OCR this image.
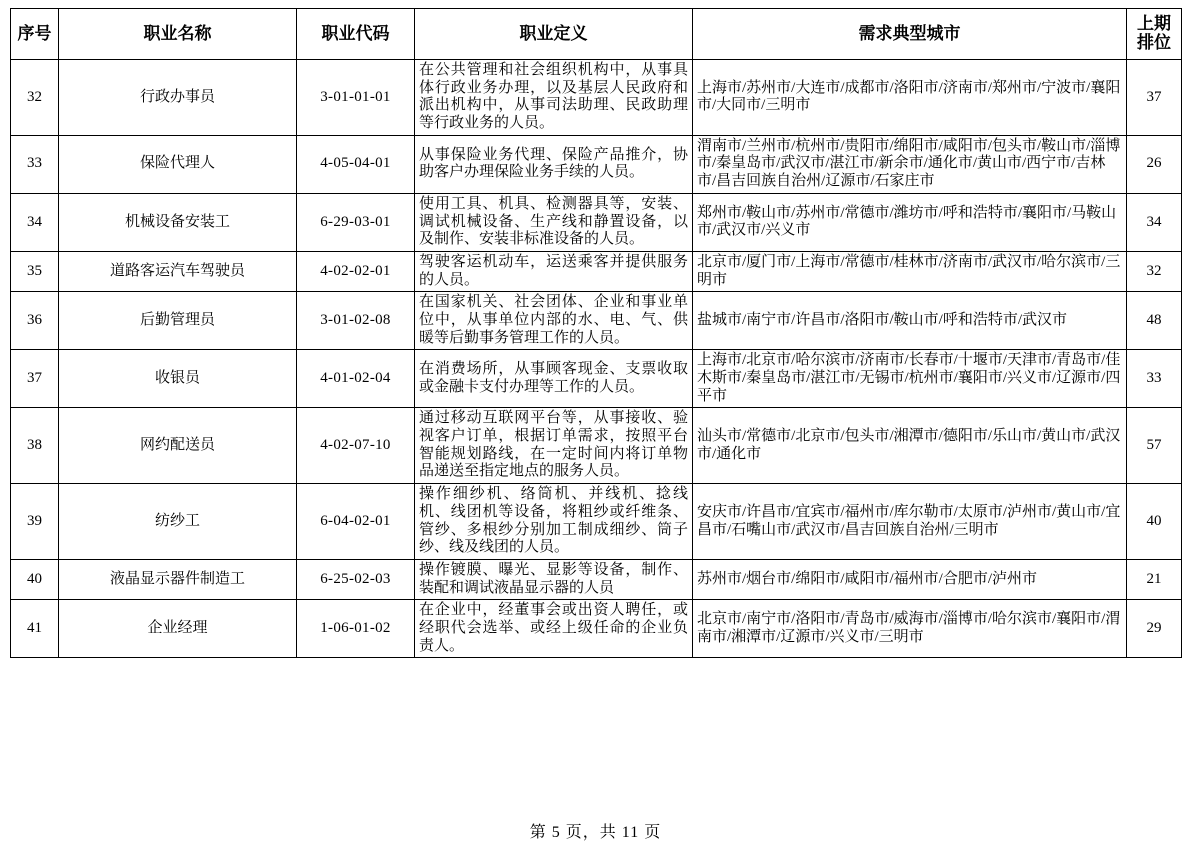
序号	职业名称	职业代码	职业定义	需求典型城市	上期
排位

32	行政办事员	3-01-01-01	在公共管理和社会组织机构中，从事具体行政业务办理，以及基层人民政府和派出机构中，从事司法助理、民政助理等行政业务的人员。	上海市/苏州市/大连市/成都市/洛阳市/济南市/郑州市/宁波市/襄阳市/大同市/三明市	37
33	保险代理人	4-05-04-01	从事保险业务代理、保险产品推介，协助客户办理保险业务手续的人员。	渭南市/兰州市/杭州市/贵阳市/绵阳市/咸阳市/包头市/鞍山市/淄博市/秦皇岛市/武汉市/湛江市/新余市/通化市/黄山市/西宁市/吉林市/昌吉回族自治州/辽源市/石家庄市	26
34	机械设备安装工	6-29-03-01	使用工具、机具、检测器具等，安装、调试机械设备、生产线和静置设备，以及制作、安装非标准设备的人员。	郑州市/鞍山市/苏州市/常德市/潍坊市/呼和浩特市/襄阳市/马鞍山市/武汉市/兴义市	34
35	道路客运汽车驾驶员	4-02-02-01	驾驶客运机动车，运送乘客并提供服务的人员。	北京市/厦门市/上海市/常德市/桂林市/济南市/武汉市/哈尔滨市/三明市	32
36	后勤管理员	3-01-02-08	在国家机关、社会团体、企业和事业单位中，从事单位内部的水、电、气、供暖等后勤事务管理工作的人员。	盐城市/南宁市/许昌市/洛阳市/鞍山市/呼和浩特市/武汉市	48
37	收银员	4-01-02-04	在消费场所，从事顾客现金、支票收取或金融卡支付办理等工作的人员。	上海市/北京市/哈尔滨市/济南市/长春市/十堰市/天津市/青岛市/佳木斯市/秦皇岛市/湛江市/无锡市/杭州市/襄阳市/兴义市/辽源市/四平市	33
38	网约配送员	4-02-07-10	通过移动互联网平台等，从事接收、验视客户订单，根据订单需求，按照平台智能规划路线，在一定时间内将订单物品递送至指定地点的服务人员。	汕头市/常德市/北京市/包头市/湘潭市/德阳市/乐山市/黄山市/武汉市/通化市	57
39	纺纱工	6-04-02-01	操作细纱机、络筒机、并线机、捻线机、线团机等设备，将粗纱或纤维条、管纱、多根纱分别加工制成细纱、筒子纱、线及线团的人员。	安庆市/许昌市/宜宾市/福州市/库尔勒市/太原市/泸州市/黄山市/宜昌市/石嘴山市/武汉市/昌吉回族自治州/三明市	40
40	液晶显示器件制造工	6-25-02-03	操作镀膜、曝光、显影等设备，制作、装配和调试液晶显示器的人员	苏州市/烟台市/绵阳市/咸阳市/福州市/合肥市/泸州市	21
41	企业经理	1-06-01-02	在企业中，经董事会或出资人聘任，或经职代会选举、或经上级任命的企业负责人。	北京市/南宁市/洛阳市/青岛市/威海市/淄博市/哈尔滨市/襄阳市/渭南市/湘潭市/辽源市/兴义市/三明市	29
第 5 页，共 11 页
